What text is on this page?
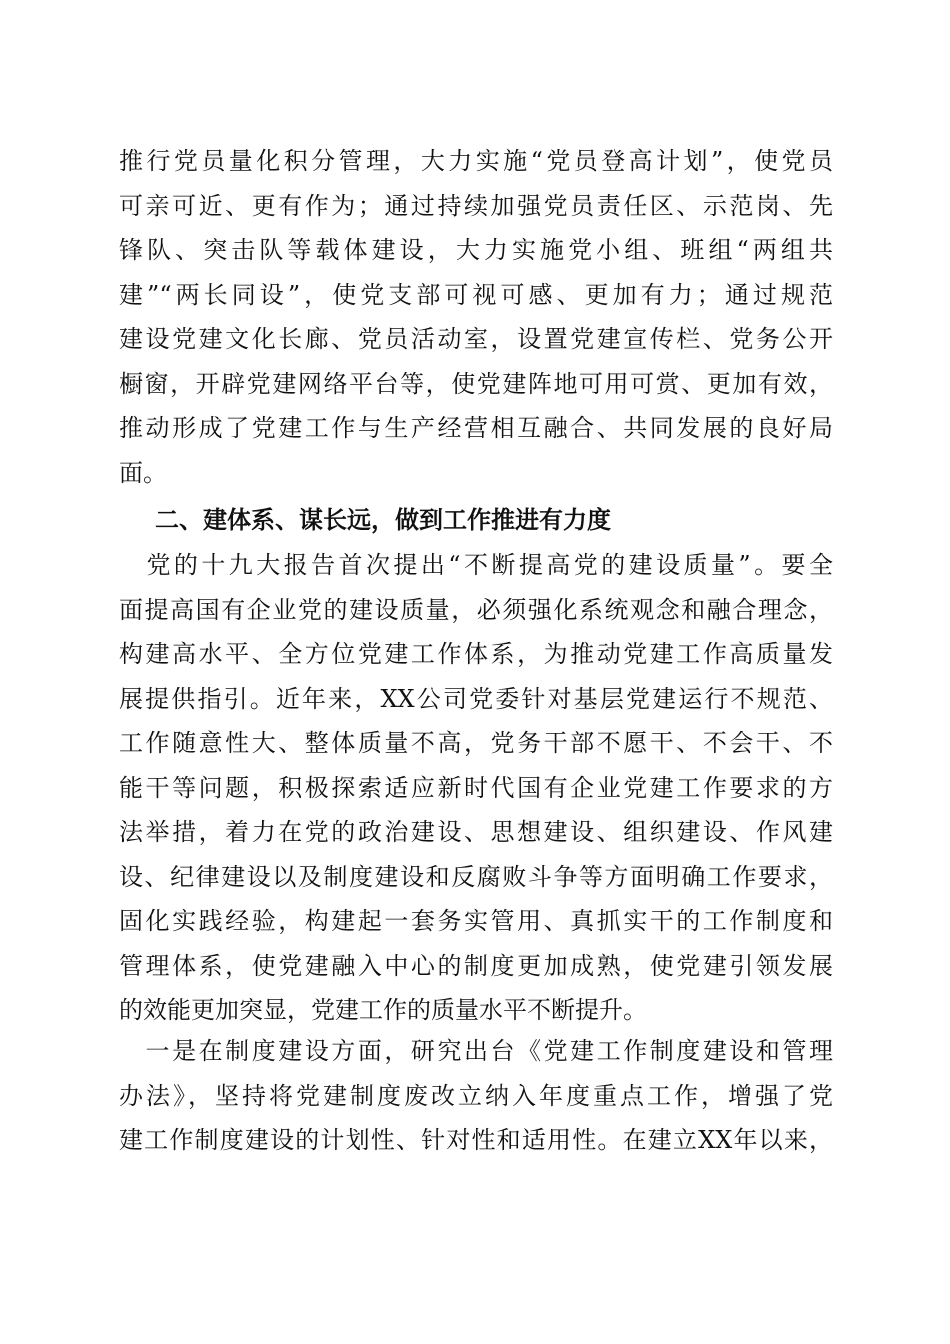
推行党员量化积分管理，大力实施“党员登高计划”，使党员
可亲可近、更有作为；通过持续加强党员责任区、示范岗、先
锋队、突击队等载体建设，大力实施党小组、班组“两组共
建”“两长同设”，使党支部可视可感、更加有力；通过规范
建设党建文化长廊、党员活动室，设置党建宣传栏、党务公开
橱窗，开辟党建网络平台等，使党建阵地可用可赏、更加有效，
推动形成了党建工作与生产经营相互融合、共同发展的良好局
面。
二、建体系、谋长远，做到工作推进有力度
　党的十九大报告首次提出“不断提高党的建设质量”。要全
面提高国有企业党的建设质量，必须强化系统观念和融合理念，
构建高水平、全方位党建工作体系，为推动党建工作高质量发
展提供指引。近年来，XX公司党委针对基层党建运行不规范、
工作随意性大、整体质量不高，党务干部不愿干、不会干、不
能干等问题，积极探索适应新时代国有企业党建工作要求的方
法举措，着力在党的政治建设、思想建设、组织建设、作风建
设、纪律建设以及制度建设和反腐败斗争等方面明确工作要求，
固化实践经验，构建起一套务实管用、真抓实干的工作制度和
管理体系，使党建融入中心的制度更加成熟，使党建引领发展
的效能更加突显，党建工作的质量水平不断提升。
　一是在制度建设方面，研究出台《党建工作制度建设和管理
办法》，坚持将党建制度废改立纳入年度重点工作，增强了党
建工作制度建设的计划性、针对性和适用性。在建立XX年以来，
